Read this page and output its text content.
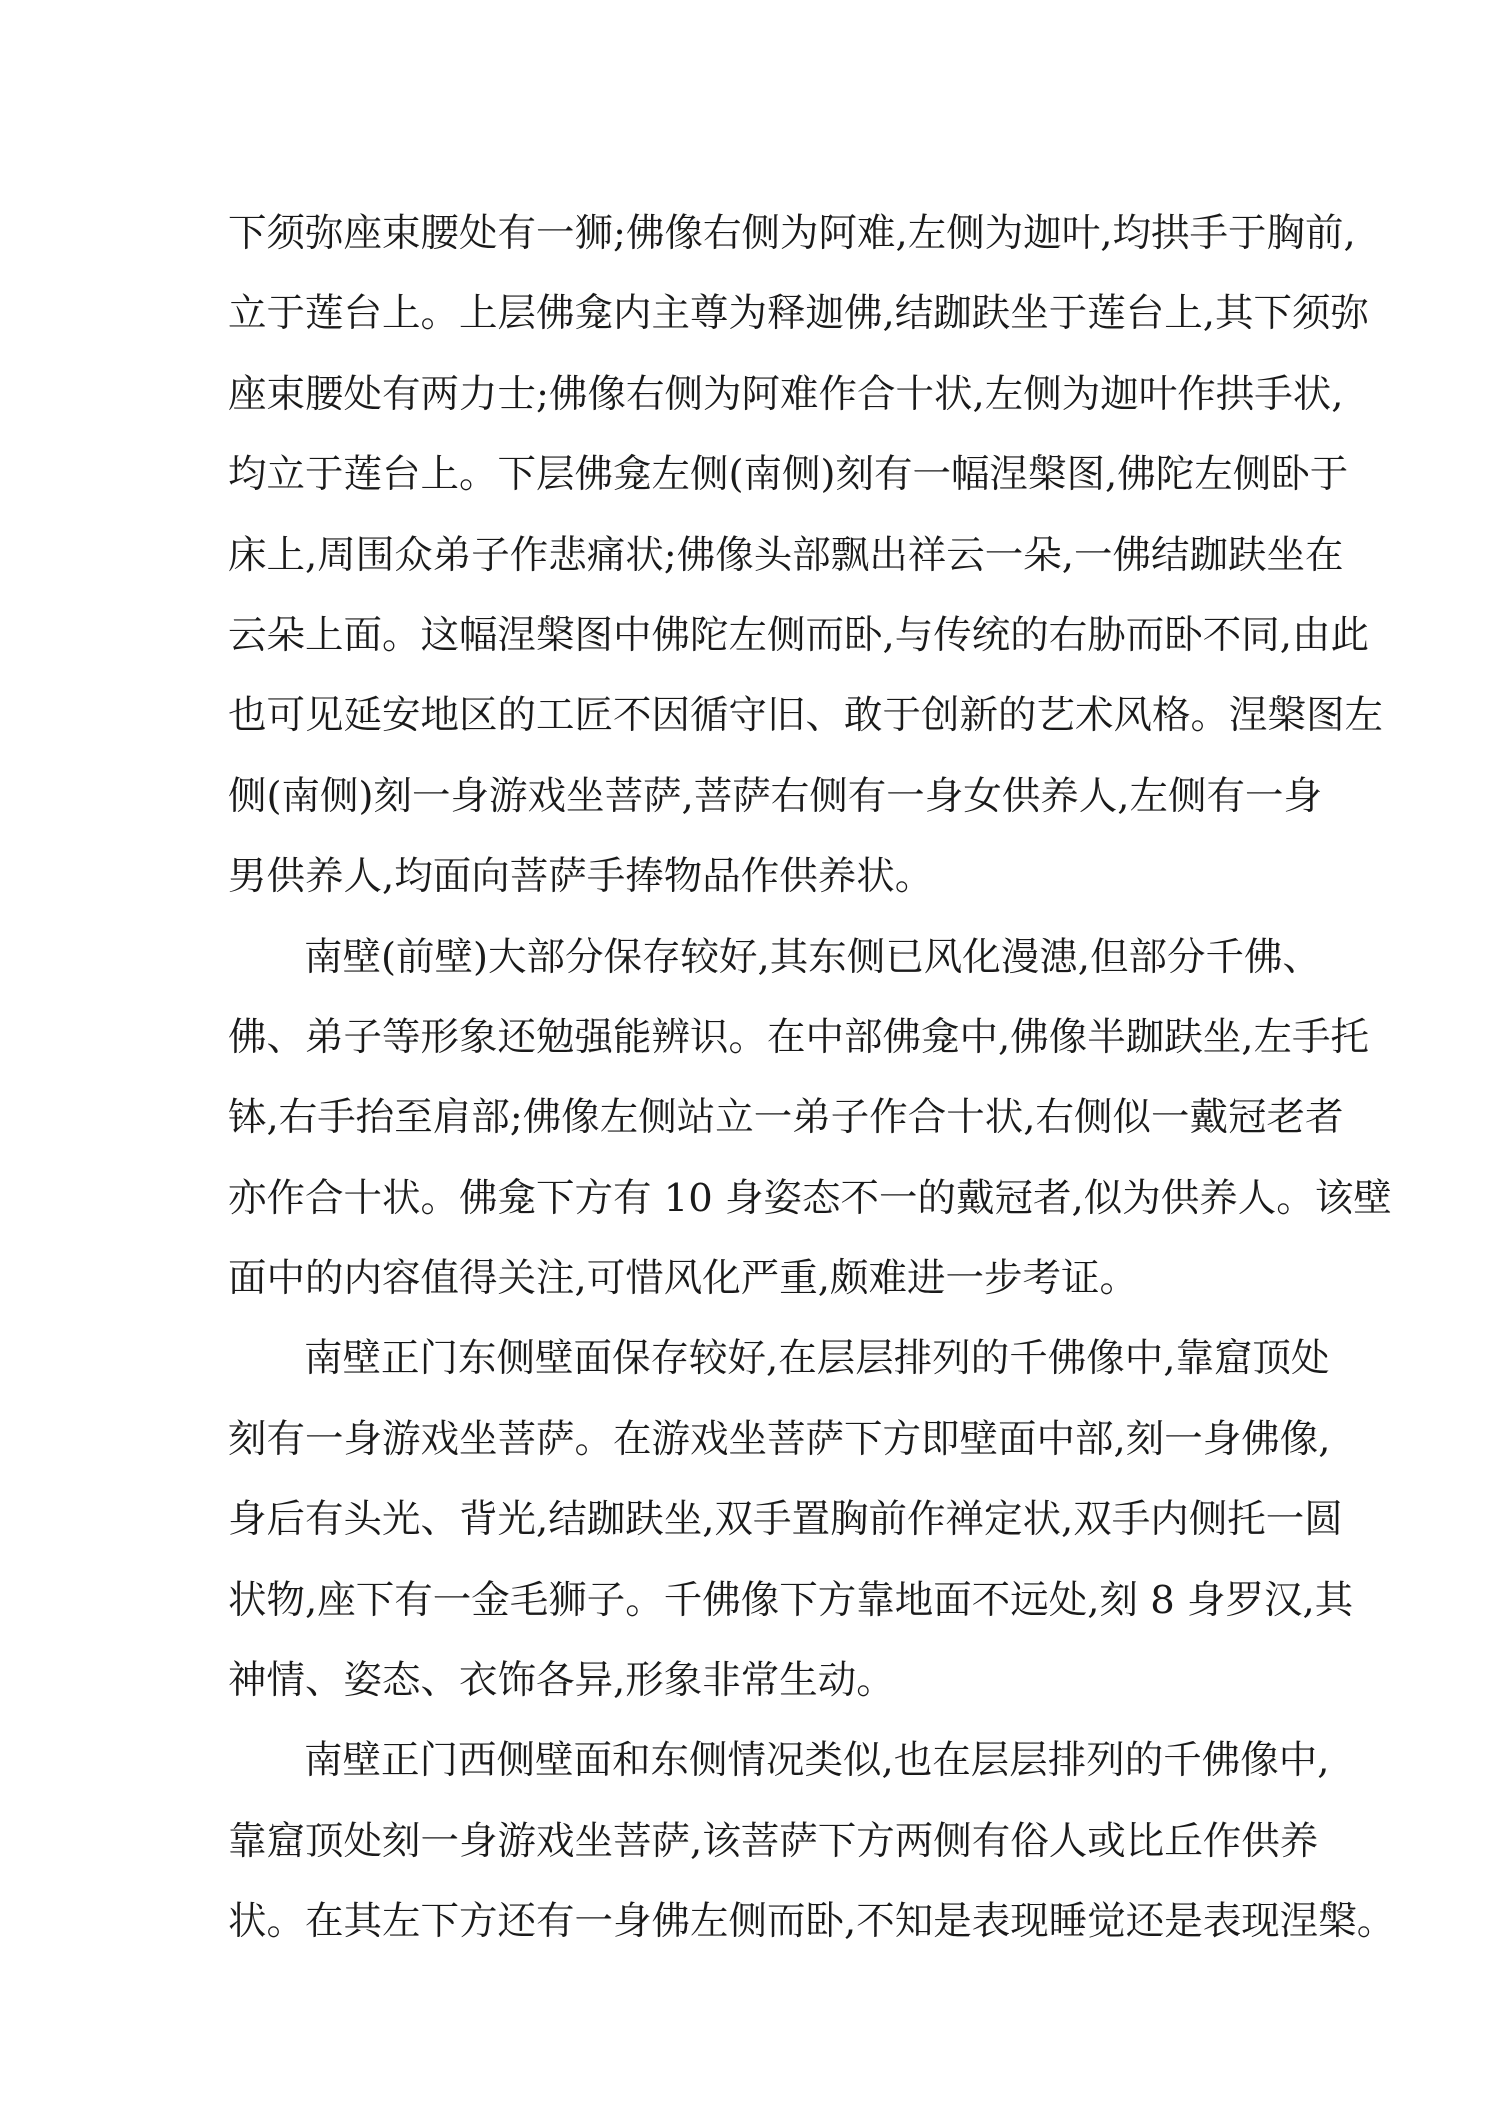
下须弥座束腰处有一狮;佛像右侧为阿难,左侧为迦叶,均拱手于胸前,
立于莲台上。上层佛龛内主尊为释迦佛,结跏趺坐于莲台上,其下须弥
座束腰处有两力士;佛像右侧为阿难作合十状,左侧为迦叶作拱手状,
均立于莲台上。下层佛龛左侧(南侧)刻有一幅涅槃图,佛陀左侧卧于
床上,周围众弟子作悲痛状;佛像头部飘出祥云一朵,一佛结跏趺坐在
云朵上面。这幅涅槃图中佛陀左侧而卧,与传统的右胁而卧不同,由此
也可见延安地区的工匠不因循守旧、敢于创新的艺术风格。涅槃图左
侧(南侧)刻一身游戏坐菩萨,菩萨右侧有一身女供养人,左侧有一身
男供养人,均面向菩萨手捧物品作供养状。
南壁(前壁)大部分保存较好,其东侧已风化漫漶,但部分千佛、
佛、弟子等形象还勉强能辨识。在中部佛龛中,佛像半跏趺坐,左手托
钵,右手抬至肩部;佛像左侧站立一弟子作合十状,右侧似一戴冠老者
亦作合十状。佛龛下方有 10 身姿态不一的戴冠者,似为供养人。该壁
面中的内容值得关注,可惜风化严重,颇难进一步考证。
南壁正门东侧壁面保存较好,在层层排列的千佛像中,靠窟顶处
刻有一身游戏坐菩萨。在游戏坐菩萨下方即壁面中部,刻一身佛像,
身后有头光、背光,结跏趺坐,双手置胸前作禅定状,双手内侧托一圆
状物,座下有一金毛狮子。千佛像下方靠地面不远处,刻 8 身罗汉,其
神情、姿态、衣饰各异,形象非常生动。
南壁正门西侧壁面和东侧情况类似,也在层层排列的千佛像中,
靠窟顶处刻一身游戏坐菩萨,该菩萨下方两侧有俗人或比丘作供养
状。在其左下方还有一身佛左侧而卧,不知是表现睡觉还是表现涅槃。
